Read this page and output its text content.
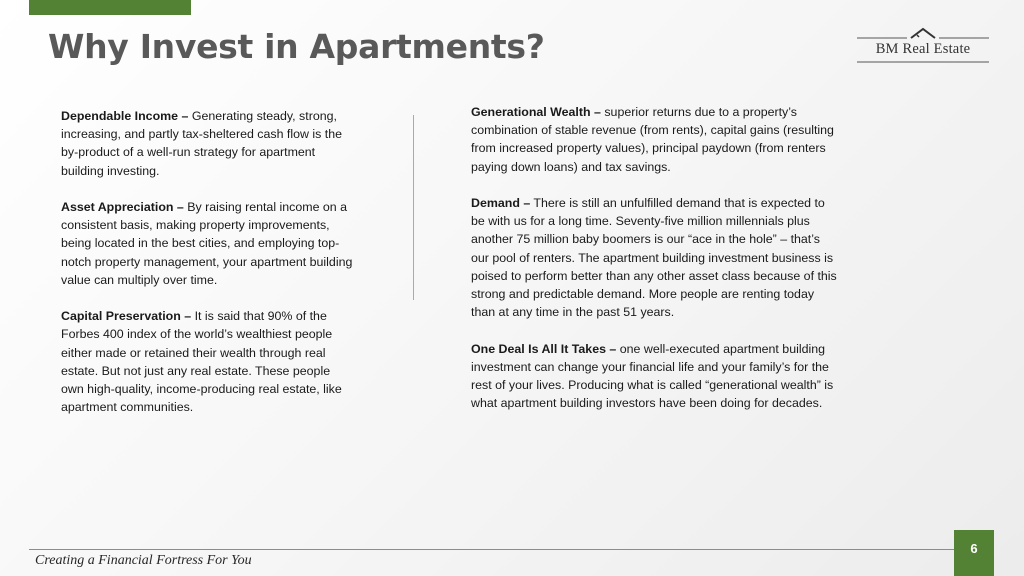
Why Invest in Apartments?	BM Real Estate

Dependable Income – Generating steady, strong, increasing, and partly tax-sheltered cash flow is the by-product of a well-run strategy for apartment building investing.

Asset Appreciation – By raising rental income on a consistent basis, making property improvements, being located in the best cities, and employing top-notch property management, your apartment building value can multiply over time.

Capital Preservation – It is said that 90% of the Forbes 400 index of the world’s wealthiest people either made or retained their wealth through real estate. But not just any real estate. These people own high-quality, income-producing real estate, like apartment communities.

Generational Wealth – superior returns due to a property’s combination of stable revenue (from rents), capital gains (resulting from increased property values), principal paydown (from renters paying down loans) and tax savings.

Demand – There is still an unfulfilled demand that is expected to be with us for a long time. Seventy-five million millennials plus another 75 million baby boomers is our “ace in the hole” – that’s our pool of renters. The apartment building investment business is poised to perform better than any other asset class because of this strong and predictable demand. More people are renting today than at any time in the past 51 years.

One Deal Is All It Takes – one well-executed apartment building investment can change your financial life and your family’s for the rest of your lives. Producing what is called “generational wealth” is what apartment building investors have been doing for decades.

Creating a Financial Fortress For You
6
